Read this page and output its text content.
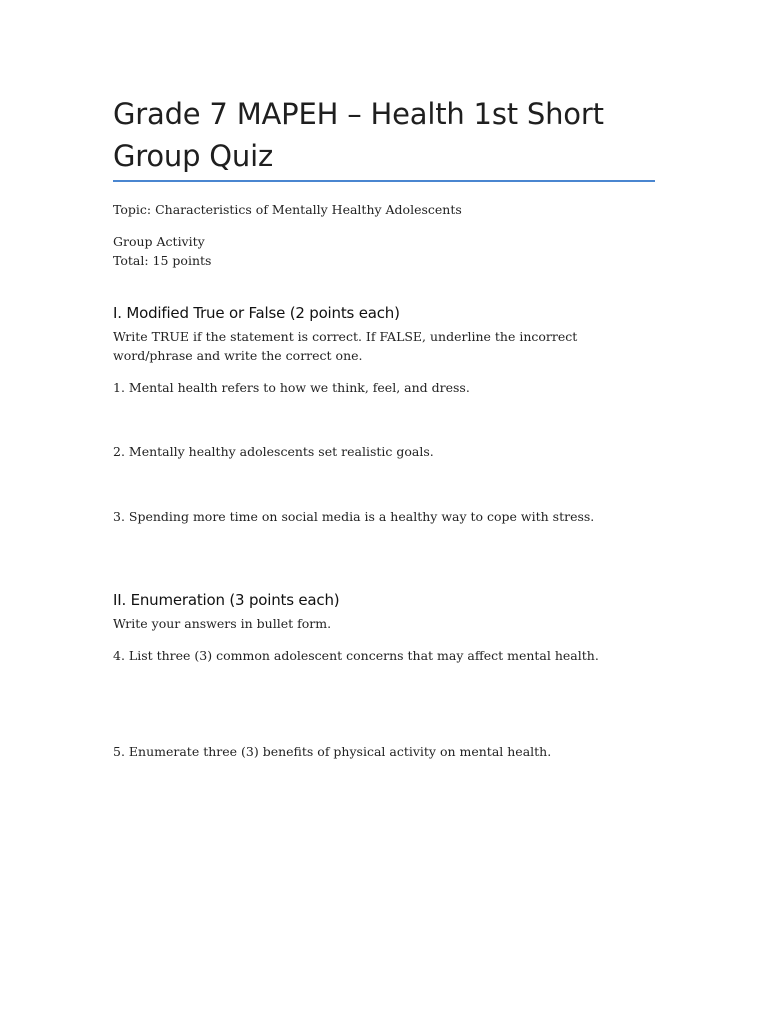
Grade 7 MAPEH – Health 1st Short Group Quiz

Topic: Characteristics of Mentally Healthy Adolescents

Group Activity

Total: 15 points

I. Modified True or False (2 points each)

Write TRUE if the statement is correct. If FALSE, underline the incorrect word/phrase and write the correct one.

1. Mental health refers to how we think, feel, and dress.

2. Mentally healthy adolescents set realistic goals.

3. Spending more time on social media is a healthy way to cope with stress.

II. Enumeration (3 points each)

Write your answers in bullet form.

4. List three (3) common adolescent concerns that may affect mental health.

5. Enumerate three (3) benefits of physical activity on mental health.
